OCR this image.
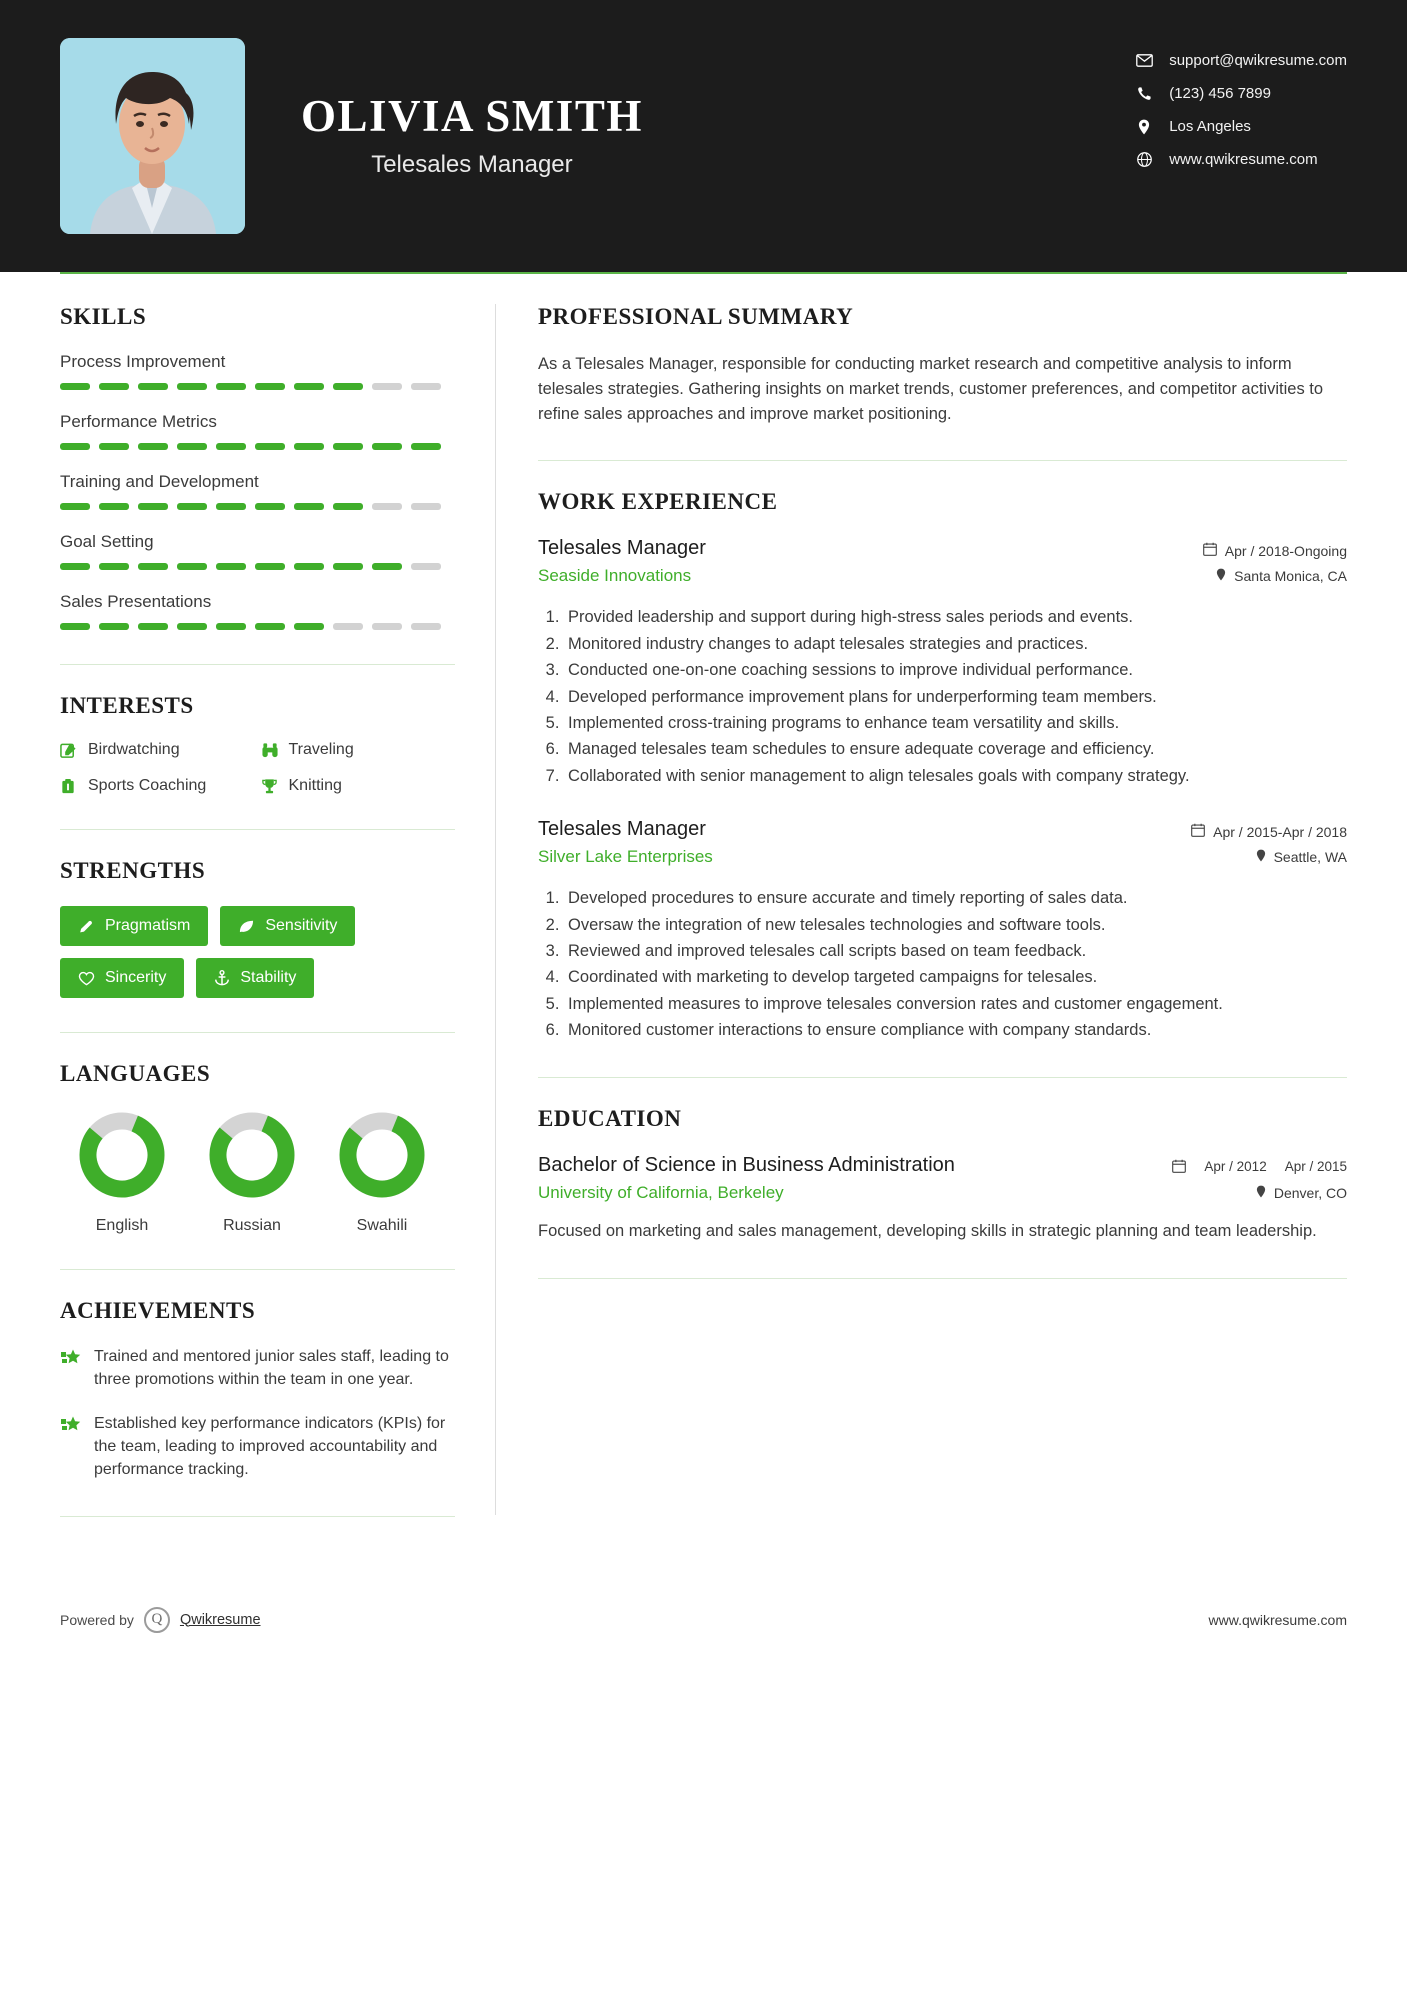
OLIVIA SMITH
Telesales Manager
support@qwikresume.com
(123) 456 7899
Los Angeles
www.qwikresume.com
SKILLS
Process Improvement
Performance Metrics
Training and Development
Goal Setting
Sales Presentations
INTERESTS
Birdwatching	Traveling
Sports Coaching	Knitting
STRENGTHS
Pragmatism	Sensitivity
Sincerity	Stability
LANGUAGES
English	Russian	Swahili
ACHIEVEMENTS
Trained and mentored junior sales staff, leading to three promotions within the team in one year.
Established key performance indicators (KPIs) for the team, leading to improved accountability and performance tracking.
PROFESSIONAL SUMMARY
As a Telesales Manager, responsible for conducting market research and competitive analysis to inform telesales strategies. Gathering insights on market trends, customer preferences, and competitor activities to refine sales approaches and improve market positioning.
WORK EXPERIENCE
Telesales Manager
Seaside Innovations
Apr / 2018-Ongoing
Santa Monica, CA
1. Provided leadership and support during high-stress sales periods and events.
2. Monitored industry changes to adapt telesales strategies and practices.
3. Conducted one-on-one coaching sessions to improve individual performance.
4. Developed performance improvement plans for underperforming team members.
5. Implemented cross-training programs to enhance team versatility and skills.
6. Managed telesales team schedules to ensure adequate coverage and efficiency.
7. Collaborated with senior management to align telesales goals with company strategy.
Telesales Manager
Silver Lake Enterprises
Apr / 2015-Apr / 2018
Seattle, WA
1. Developed procedures to ensure accurate and timely reporting of sales data.
2. Oversaw the integration of new telesales technologies and software tools.
3. Reviewed and improved telesales call scripts based on team feedback.
4. Coordinated with marketing to develop targeted campaigns for telesales.
5. Implemented measures to improve telesales conversion rates and customer engagement.
6. Monitored customer interactions to ensure compliance with company standards.
EDUCATION
Bachelor of Science in Business Administration
University of California, Berkeley
Apr / 2012 Apr / 2015
Denver, CO
Focused on marketing and sales management, developing skills in strategic planning and team leadership.
Powered by	Q	Qwikresume	www.qwikresume.com
